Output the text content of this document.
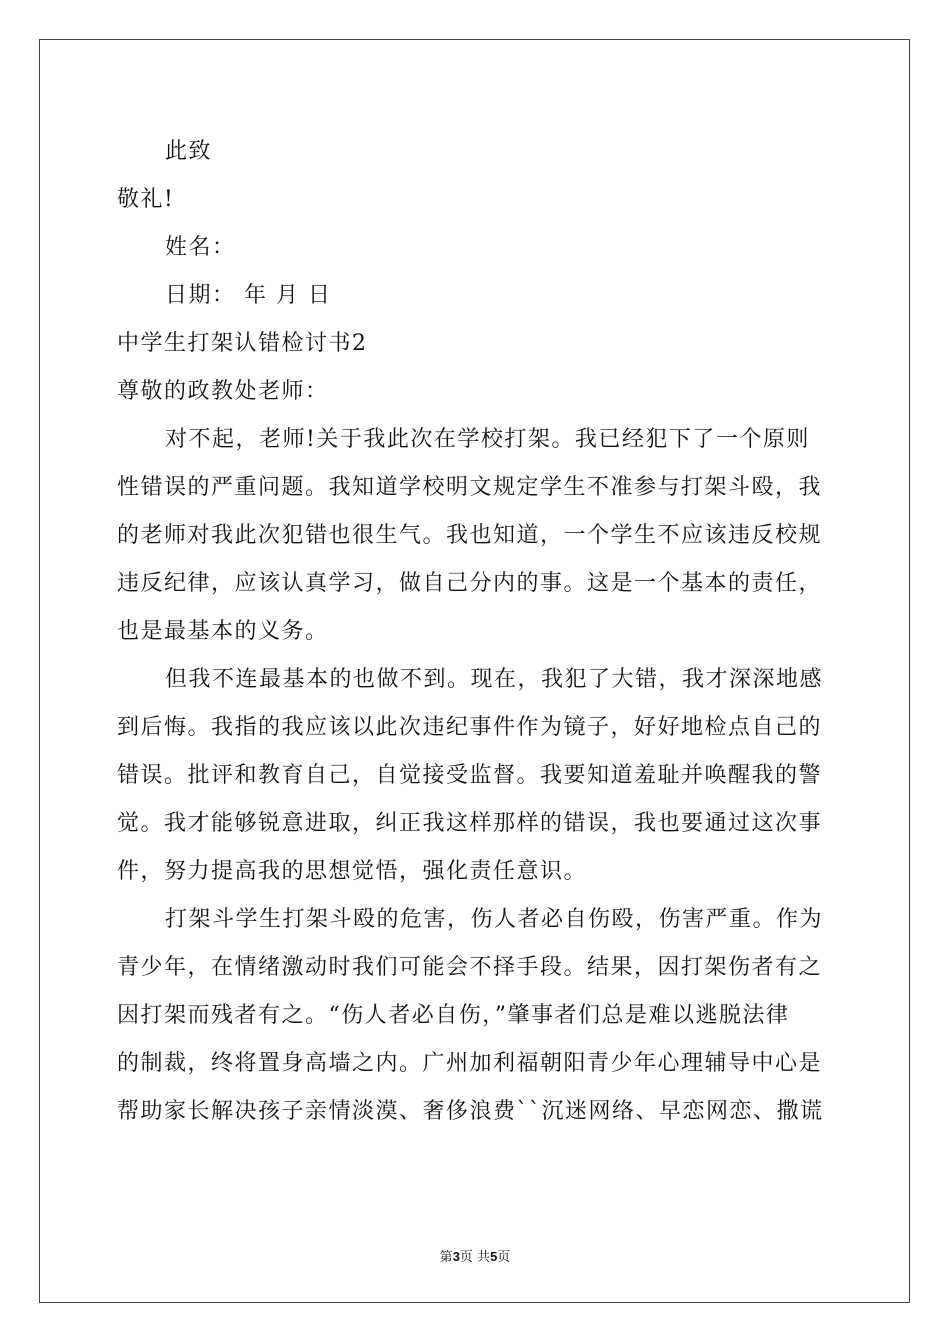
此致
敬礼!
姓名：
日期： 年 月 日
中学生打架认错检讨书2
尊敬的政教处老师：
对不起，老师!关于我此次在学校打架。我已经犯下了一个原则
性错误的严重问题。我知道学校明文规定学生不准参与打架斗殴，我
的老师对我此次犯错也很生气。我也知道，一个学生不应该违反校规
违反纪律，应该认真学习，做自己分内的事。这是一个基本的责任，
也是最基本的义务。
但我不连最基本的也做不到。现在，我犯了大错，我才深深地感
到后悔。我指的我应该以此次违纪事件作为镜子，好好地检点自己的
错误。批评和教育自己，自觉接受监督。我要知道羞耻并唤醒我的警
觉。我才能够锐意进取，纠正我这样那样的错误，我也要通过这次事
件，努力提高我的思想觉悟，强化责任意识。
打架斗学生打架斗殴的危害，伤人者必自伤殴，伤害严重。作为
青少年，在情绪激动时我们可能会不择手段。结果，因打架伤者有之
因打架而残者有之。“伤人者必自伤，”肇事者们总是难以逃脱法律
的制裁，终将置身高墙之内。广州加利福朝阳青少年心理辅导中心是
帮助家长解决孩子亲情淡漠、奢侈浪费``沉迷网络、早恋网恋、撒谎
第3页 共5页
